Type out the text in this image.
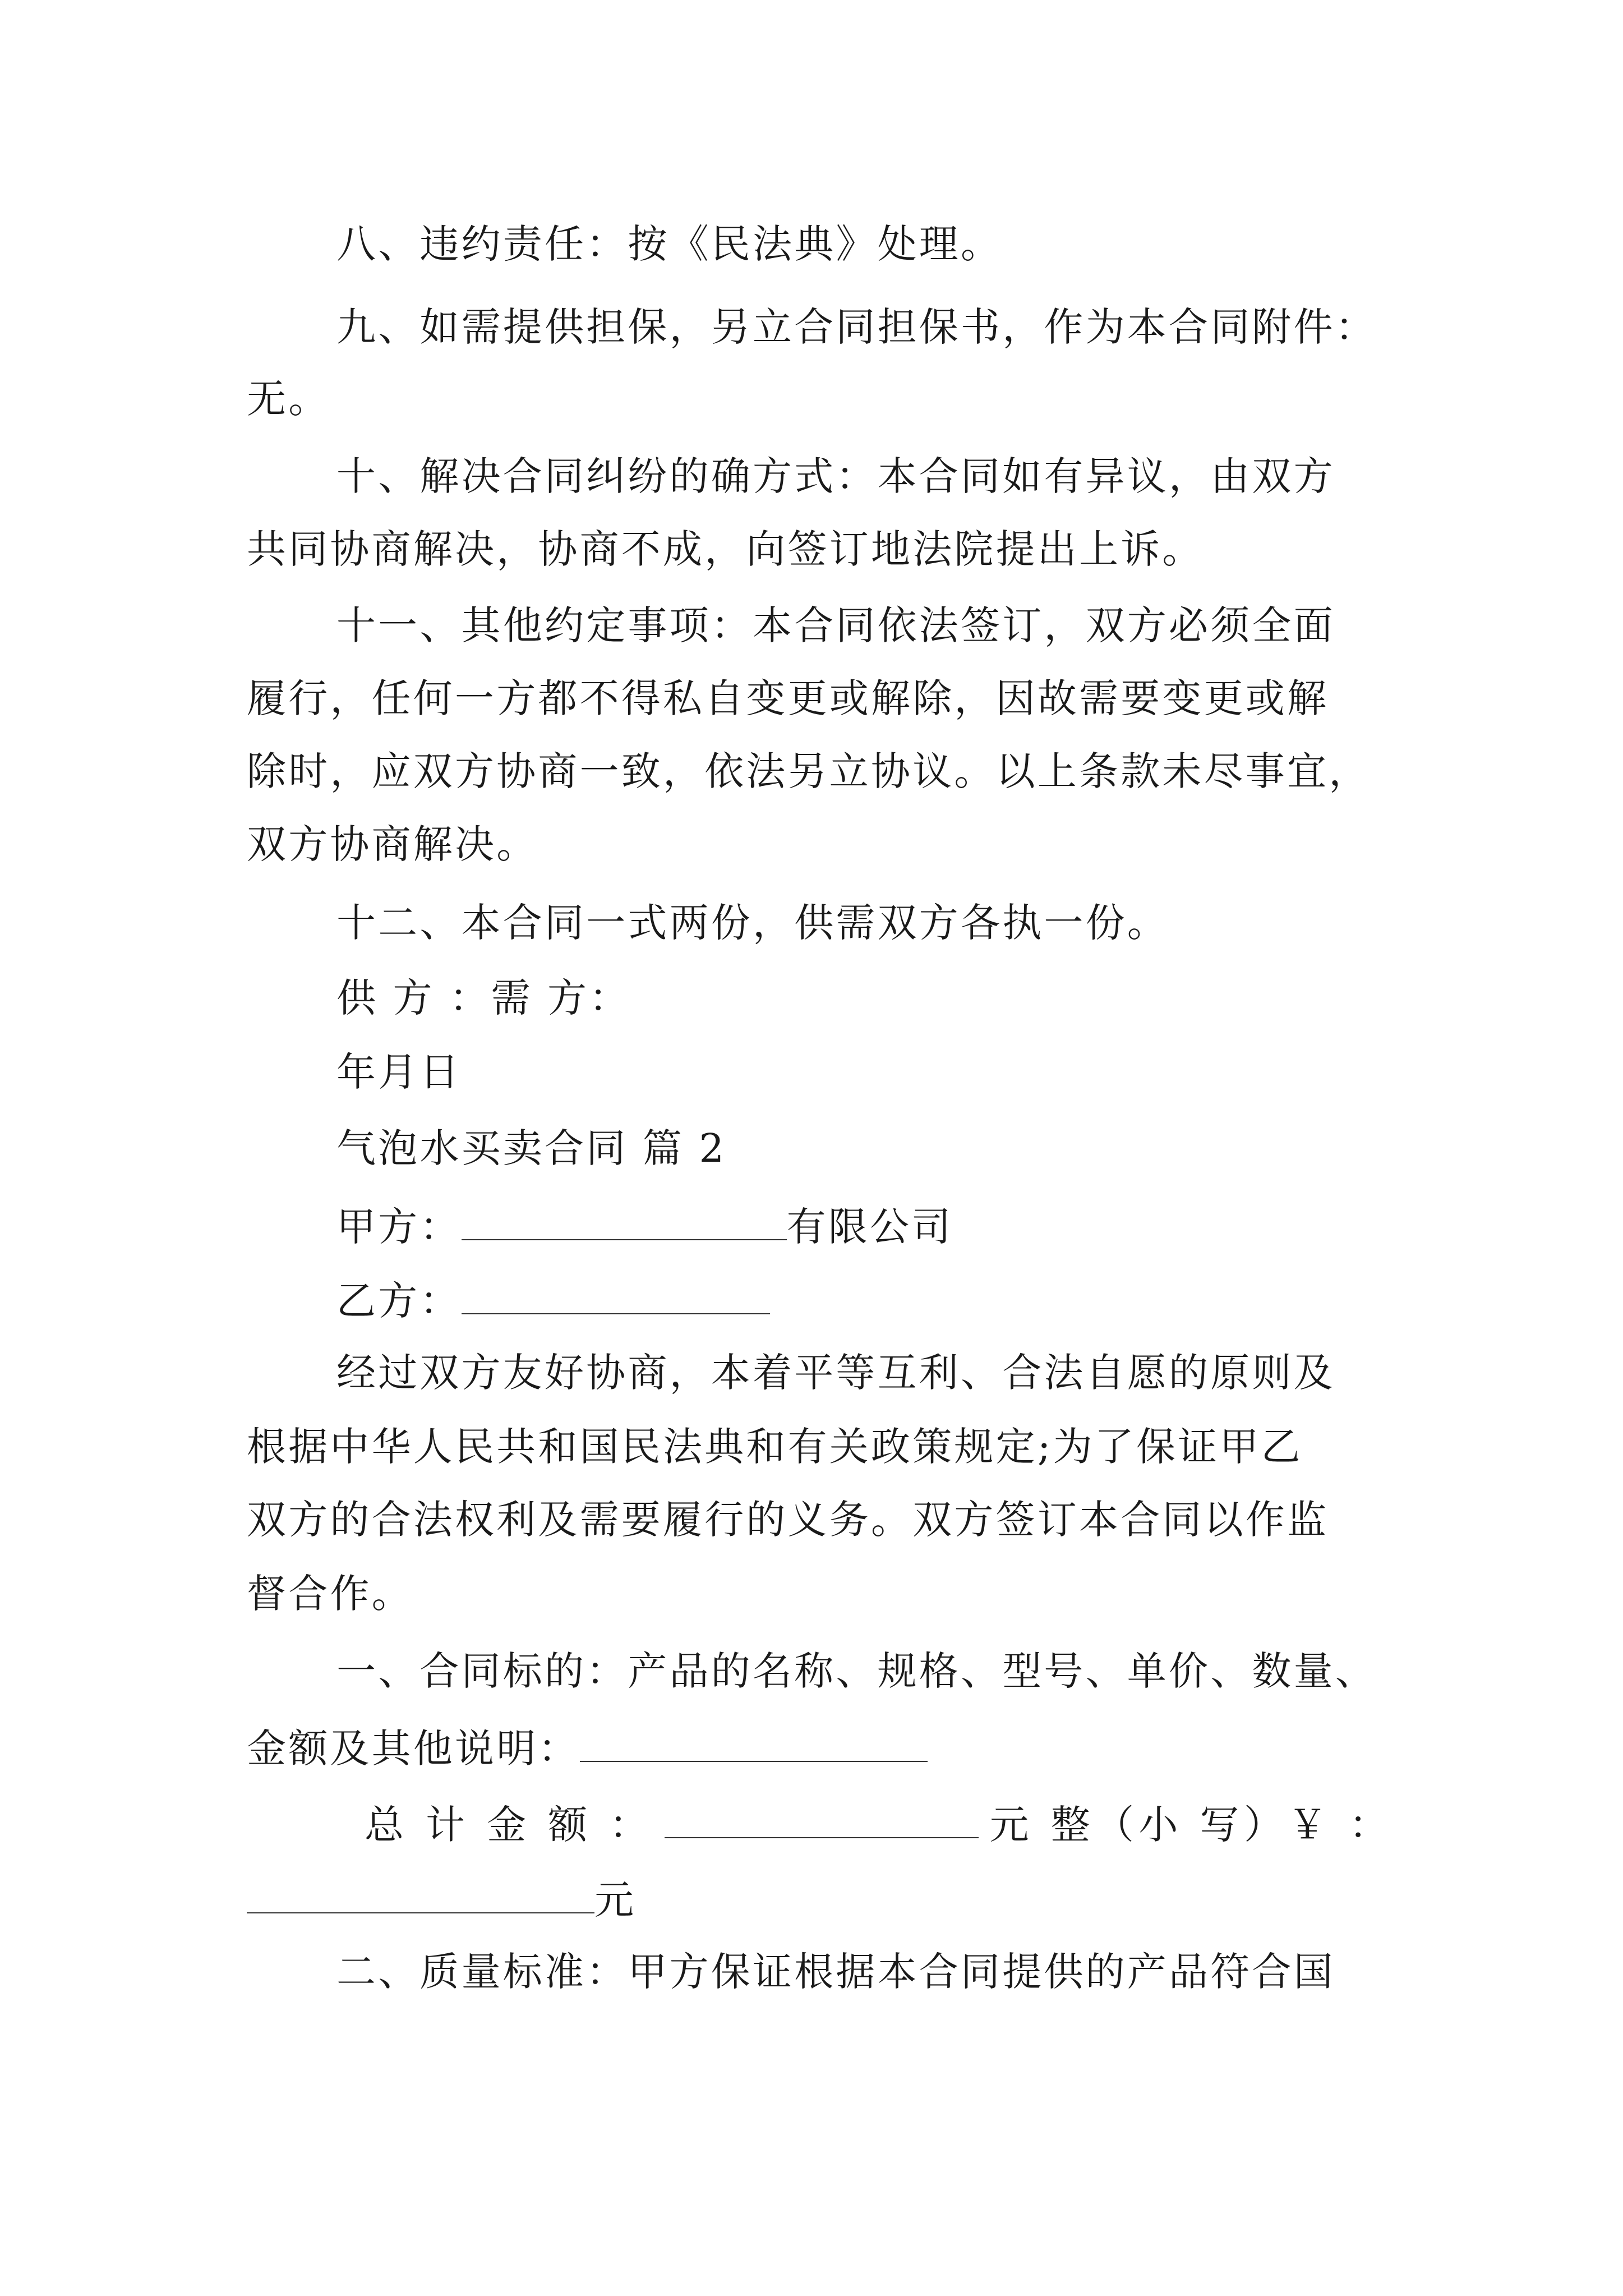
八、违约责任：按《民法典》处理。
九、如需提供担保，另立合同担保书，作为本合同附件：
无。
十、解决合同纠纷的确方式：本合同如有异议，由双方
共同协商解决，协商不成，向签订地法院提出上诉。
十一、其他约定事项：本合同依法签订，双方必须全面
履行，任何一方都不得私自变更或解除，因故需要变更或解
除时，应双方协商一致，依法另立协议。以上条款未尽事宜，
双方协商解决。
十二、本合同一式两份，供需双方各执一份。
供 方 ：需 方：
年月日
气泡水买卖合同 篇 2
甲方：	有限公司
乙方：
经过双方友好协商，本着平等互利、合法自愿的原则及
根据中华人民共和国民法典和有关政策规定;为了保证甲乙
双方的合法权利及需要履行的义务。双方签订本合同以作监
督合作。
一、合同标的：产品的名称、规格、型号、单价、数量、
金额及其他说明：
总 计 金 额 ：	元 整（小 写）￥ ：
元
二、质量标准：甲方保证根据本合同提供的产品符合国
